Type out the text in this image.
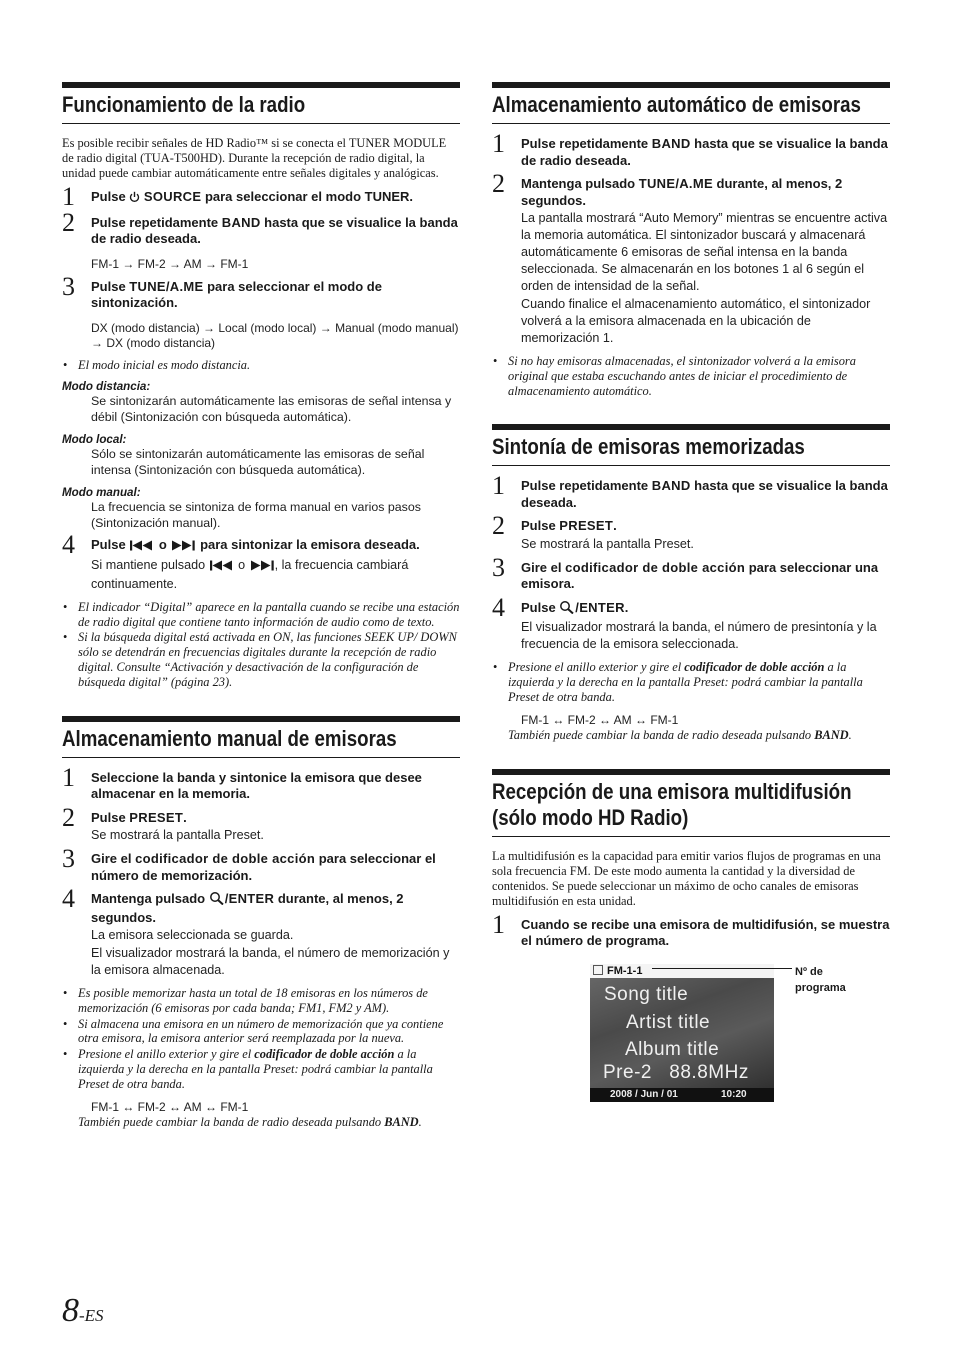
Funcionamiento de la radio

Es posible recibir señales de HD Radio™ si se conecta el TUNER MODULE de radio digital (TUA-T500HD). Durante la recepción de radio digital, la unidad puede cambiar automáticamente entre señales digitales y analógicas.

1 Pulse  SOURCE para seleccionar el modo TUNER.
2 Pulse repetidamente BAND hasta que se visualice la banda de radio deseada.
FM-1 → FM-2 → AM → FM-1
3 Pulse TUNE/A.ME para seleccionar el modo de sintonización.
DX (modo distancia) → Local (modo local) → Manual (modo manual) → DX (modo distancia)
• El modo inicial es modo distancia.
Modo distancia:
Se sintonizarán automáticamente las emisoras de señal intensa y débil (Sintonización con búsqueda automática).
Modo local:
Sólo se sintonizarán automáticamente las emisoras de señal intensa (Sintonización con búsqueda automática).
Modo manual:
La frecuencia se sintoniza de forma manual en varios pasos (Sintonización manual).
4 Pulse  o  para sintonizar la emisora deseada.
Si mantiene pulsado  o , la frecuencia cambiará continuamente.
• El indicador “Digital” aparece en la pantalla cuando se recibe una estación de radio digital que contiene tanto información de audio como de texto.
• Si la búsqueda digital está activada en ON, las funciones SEEK UP/ DOWN sólo se detendrán en frecuencias digitales durante la recepción de radio digital. Consulte “Activación y desactivación de la configuración de búsqueda digital” (página 23).
Almacenamiento manual de emisoras
1 Seleccione la banda y sintonice la emisora que desee almacenar en la memoria.
2 Pulse PRESET.
Se mostrará la pantalla Preset.
3 Gire el codificador de doble acción para seleccionar el número de memorización.
4 Mantenga pulsado /ENTER durante, al menos, 2 segundos.
La emisora seleccionada se guarda.
El visualizador mostrará la banda, el número de memorización y la emisora almacenada.
• Es posible memorizar hasta un total de 18 emisoras en los números de memorización (6 emisoras por cada banda; FM1, FM2 y AM).
• Si almacena una emisora en un número de memorización que ya contiene otra emisora, la emisora anterior será reemplazada por la nueva.
• Presione el anillo exterior y gire el codificador de doble acción a la izquierda y la derecha en la pantalla Preset: podrá cambiar la pantalla Preset de otra banda.
FM-1 ↔ FM-2 ↔ AM ↔ FM-1
También puede cambiar la banda de radio deseada pulsando BAND.
Almacenamiento automático de emisoras
1 Pulse repetidamente BAND hasta que se visualice la banda de radio deseada.
2 Mantenga pulsado TUNE/A.ME durante, al menos, 2 segundos.
La pantalla mostrará “Auto Memory” mientras se encuentre activa la memoria automática. El sintonizador buscará y almacenará automáticamente 6 emisoras de señal intensa en la banda seleccionada. Se almacenarán en los botones 1 al 6 según el orden de intensidad de la señal.
Cuando finalice el almacenamiento automático, el sintonizador volverá a la emisora almacenada en la ubicación de memorización 1.
• Si no hay emisoras almacenadas, el sintonizador volverá a la emisora original que estaba escuchando antes de iniciar el procedimiento de almacenamiento automático.
Sintonía de emisoras memorizadas
1 Pulse repetidamente BAND hasta que se visualice la banda deseada.
2 Pulse PRESET.
Se mostrará la pantalla Preset.
3 Gire el codificador de doble acción para seleccionar una emisora.
4 Pulse /ENTER.
El visualizador mostrará la banda, el número de presintonía y la frecuencia de la emisora seleccionada.
• Presione el anillo exterior y gire el codificador de doble acción a la izquierda y la derecha en la pantalla Preset: podrá cambiar la pantalla Preset de otra banda.
FM-1 ↔ FM-2 ↔ AM ↔ FM-1
También puede cambiar la banda de radio deseada pulsando BAND.
Recepción de una emisora multidifusión (sólo modo HD Radio)

La multidifusión es la capacidad para emitir varios flujos de programas en una sola frecuencia FM. De este modo aumenta la cantidad y la diversidad de contenidos. Se puede seleccionar un máximo de ocho canales de emisoras multidifusión en esta unidad.

1 Cuando se recibe una emisora de multidifusión, se muestra el número de programa.
FM-1-1
Song title
Artist title
Album title
Pre-2   88.8MHz
2008 / Jun / 01	10:20
Nº de programa
8-ES
